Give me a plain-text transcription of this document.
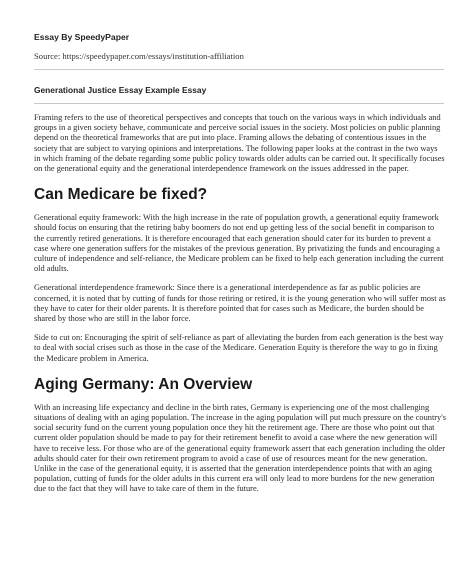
Essay By SpeedyPaper
Source: https://speedypaper.com/essays/institution-affiliation
Generational Justice Essay Example Essay

Framing refers to the use of theoretical perspectives and concepts that touch on the various ways in which individuals and groups in a given society behave, communicate and perceive social issues in the society. Most policies on public planning depend on the theoretical frameworks that are put into place. Framing allows the debating of contentious issues in the society that are subject to varying opinions and interpretations. The following paper looks at the contrast in the two ways in which framing of the debate regarding some public policy towards older adults can be carried out. It specifically focuses on the generational equity and the generational interdependence framework on the issues addressed in the paper.

Can Medicare be fixed?

Generational equity framework: With the high increase in the rate of population growth, a generational equity framework should focus on ensuring that the retiring baby boomers do not end up getting less of the social benefit in comparison to the currently retired generations. It is therefore encouraged that each generation should cater for its burden to prevent a case where one generation suffers for the mistakes of the previous generation. By privatizing the funds and encouraging a culture of independence and self-reliance, the Medicare problem can be fixed to help each generation including the current old adults.

Generational interdependence framework: Since there is a generational interdependence as far as public policies are concerned, it is noted that by cutting of funds for those retiring or retired, it is the young generation who will suffer most as they have to cater for their older parents. It is therefore pointed that for cases such as Medicare, the burden should be shared by those who are still in the labor force.

Side to cut on: Encouraging the spirit of self-reliance as part of alleviating the burden from each generation is the best way to deal with social crises such as those in the case of the Medicare. Generation Equity is therefore the way to go in fixing the Medicare problem in America.

Aging Germany: An Overview

With an increasing life expectancy and decline in the birth rates, Germany is experiencing one of the most challenging situations of dealing with an aging population. The increase in the aging population will put much pressure on the country's social security fund on the current young population once they hit the retirement age. There are those who point out that current older population should be made to pay for their retirement benefit to avoid a case where the new generation will have to receive less. For those who are of the generational equity framework assert that each generation including the older adults should cater for their own retirement program to avoid a case of use of resources meant for the new generation. Unlike in the case of the generational equity, it is asserted that the generation interdependence points that with an aging population, cutting of funds for the older adults in this current era will only lead to more burdens for the new generation due to the fact that they will have to take care of them in the future.
